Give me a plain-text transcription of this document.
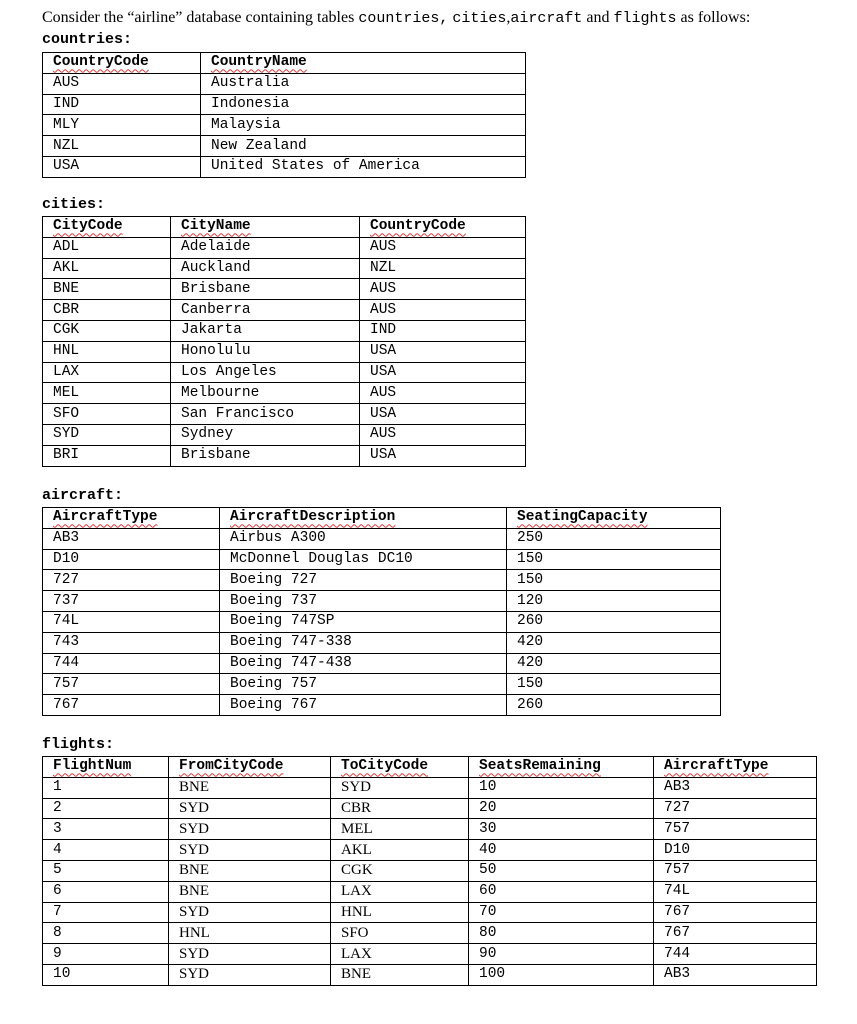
Consider the “airline” database containing tables countries, cities,aircraft and flights as follows:
countries:
CountryCode	CountryName
AUS	Australia
IND	Indonesia
MLY	Malaysia
NZL	New Zealand
USA	United States of America
cities:
CityCode	CityName	CountryCode
ADL	Adelaide	AUS
AKL	Auckland	NZL
BNE	Brisbane	AUS
CBR	Canberra	AUS
CGK	Jakarta	IND
HNL	Honolulu	USA
LAX	Los Angeles	USA
MEL	Melbourne	AUS
SFO	San Francisco	USA
SYD	Sydney	AUS
BRI	Brisbane	USA
aircraft:
AircraftType	AircraftDescription	SeatingCapacity
AB3	Airbus A300	250
D10	McDonnel Douglas DC10	150
727	Boeing 727	150
737	Boeing 737	120
74L	Boeing 747SP	260
743	Boeing 747-338	420
744	Boeing 747-438	420
757	Boeing 757	150
767	Boeing 767	260
flights:
FlightNum	FromCityCode	ToCityCode	SeatsRemaining	AircraftType
1	BNE	SYD	10	AB3
2	SYD	CBR	20	727
3	SYD	MEL	30	757
4	SYD	AKL	40	D10
5	BNE	CGK	50	757
6	BNE	LAX	60	74L
7	SYD	HNL	70	767
8	HNL	SFO	80	767
9	SYD	LAX	90	744
10	SYD	BNE	100	AB3
